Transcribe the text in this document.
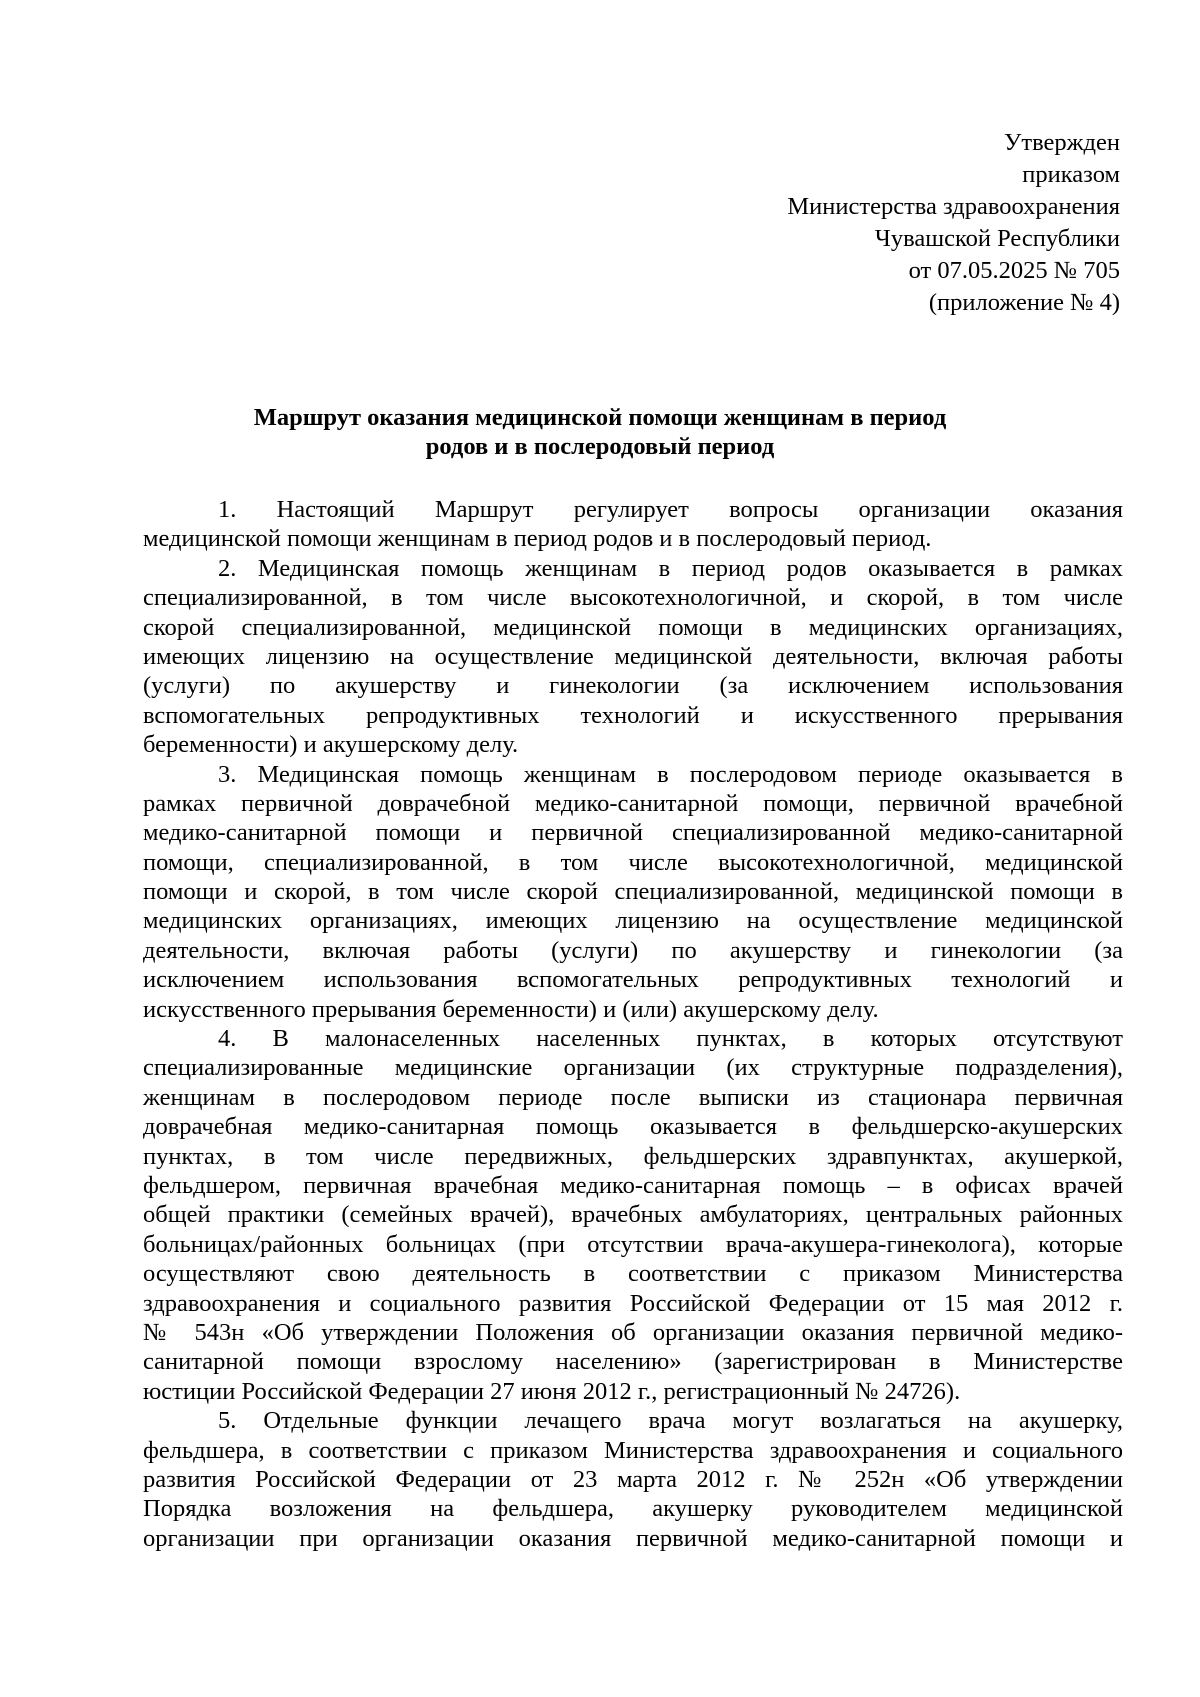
Утвержден
приказом
Министерства здравоохранения
Чувашской Республики
от 07.05.2025 № 705
(приложение № 4)
Маршрут оказания медицинской помощи женщинам в период
родов и в послеродовый период
1. Настоящий Маршрут регулирует вопросы организации оказания
медицинской помощи женщинам в период родов и в послеродовый период.
2. Медицинская помощь женщинам в период родов оказывается в рамках
специализированной, в том числе высокотехнологичной, и скорой, в том числе
скорой специализированной, медицинской помощи в медицинских организациях,
имеющих лицензию на осуществление медицинской деятельности, включая работы
(услуги) по акушерству и гинекологии (за исключением использования
вспомогательных репродуктивных технологий и искусственного прерывания
беременности) и акушерскому делу.
3. Медицинская помощь женщинам в послеродовом периоде оказывается в
рамках первичной доврачебной медико-санитарной помощи, первичной врачебной
медико-санитарной помощи и первичной специализированной медико-санитарной
помощи, специализированной, в том числе высокотехнологичной, медицинской
помощи и скорой, в том числе скорой специализированной, медицинской помощи в
медицинских организациях, имеющих лицензию на осуществление медицинской
деятельности, включая работы (услуги) по акушерству и гинекологии (за
исключением использования вспомогательных репродуктивных технологий и
искусственного прерывания беременности) и (или) акушерскому делу.
4. В малонаселенных населенных пунктах, в которых отсутствуют
специализированные медицинские организации (их структурные подразделения),
женщинам в послеродовом периоде после выписки из стационара первичная
доврачебная медико-санитарная помощь оказывается в фельдшерско-акушерских
пунктах, в том числе передвижных, фельдшерских здравпунктах, акушеркой,
фельдшером, первичная врачебная медико-санитарная помощь – в офисах врачей
общей практики (семейных врачей), врачебных амбулаториях, центральных районных
больницах/районных больницах (при отсутствии врача-акушера-гинеколога), которые
осуществляют свою деятельность в соответствии с приказом Министерства
здравоохранения и социального развития Российской Федерации от 15 мая 2012 г.
№ 543н «Об утверждении Положения об организации оказания первичной медико-
санитарной помощи взрослому населению» (зарегистрирован в Министерстве
юстиции Российской Федерации 27 июня 2012 г., регистрационный № 24726).
5. Отдельные функции лечащего врача могут возлагаться на акушерку,
фельдшера, в соответствии с приказом Министерства здравоохранения и социального
развития Российской Федерации от 23 марта 2012 г. № 252н «Об утверждении
Порядка возложения на фельдшера, акушерку руководителем медицинской
организации при организации оказания первичной медико-санитарной помощи и
